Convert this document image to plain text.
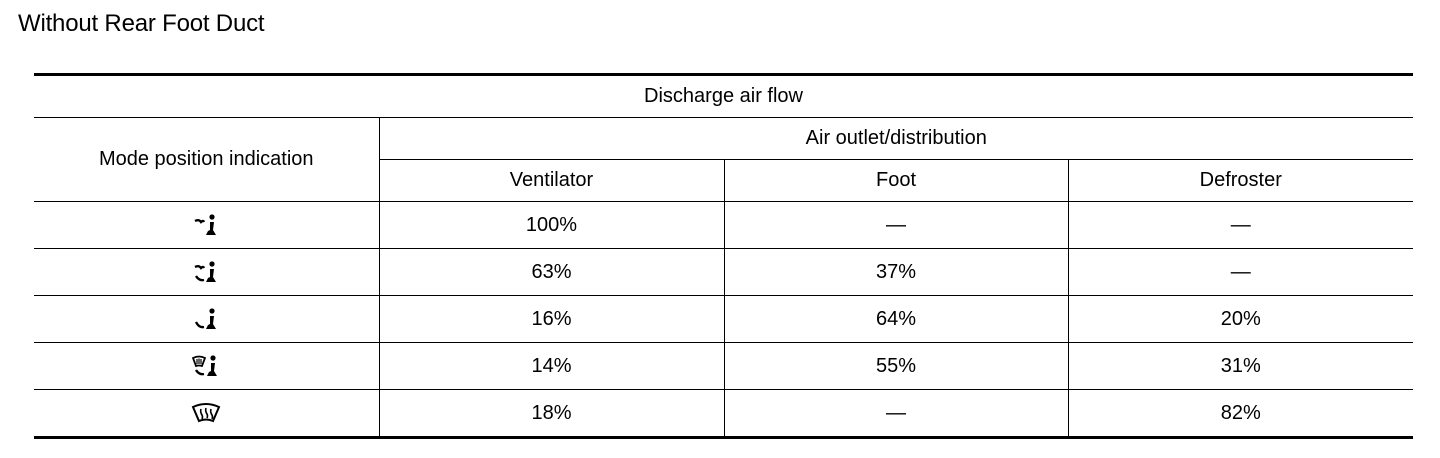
Without Rear Foot Duct
Discharge air flow			
Mode position indication	Air outlet/distribution		
	Ventilator	Foot	Defroster
	100%	—	—
	63%	37%	—
	16%	64%	20%
	14%	55%	31%
	18%	—	82%
